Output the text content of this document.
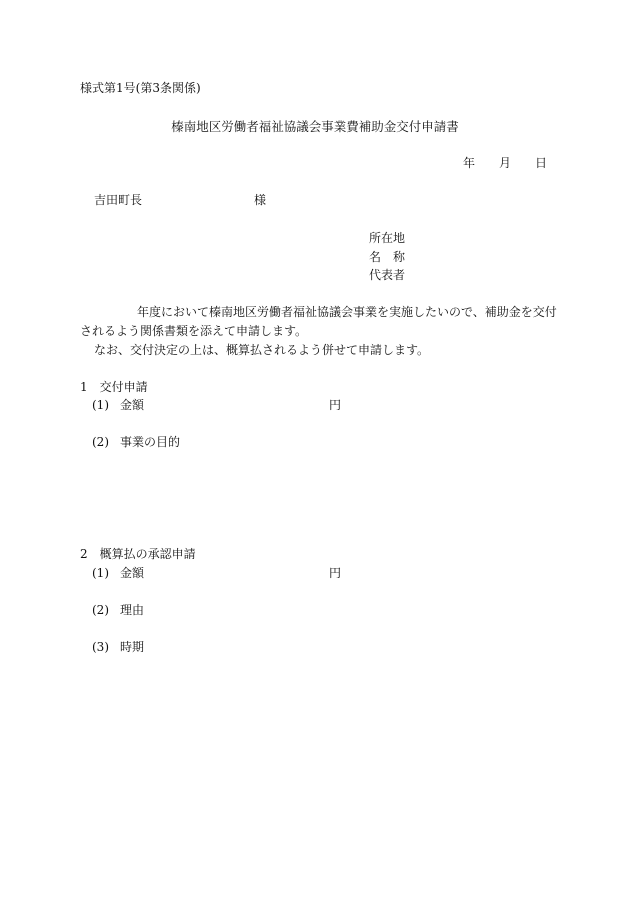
様式第1号(第3条関係)
榛南地区労働者福祉協議会事業費補助金交付申請書
年 月 日
吉田町長	様
所在地
名　称
代表者
年度において榛南地区労働者福祉協議会事業を実施したいので、補助金を交付
されるよう関係書類を添えて申請します。
なお、交付決定の上は、概算払されるよう併せて申請します。
1　交付申請
(1) 金額	円
(2) 事業の目的
2　概算払の承認申請
(1) 金額	円
(2) 理由
(3) 時期
